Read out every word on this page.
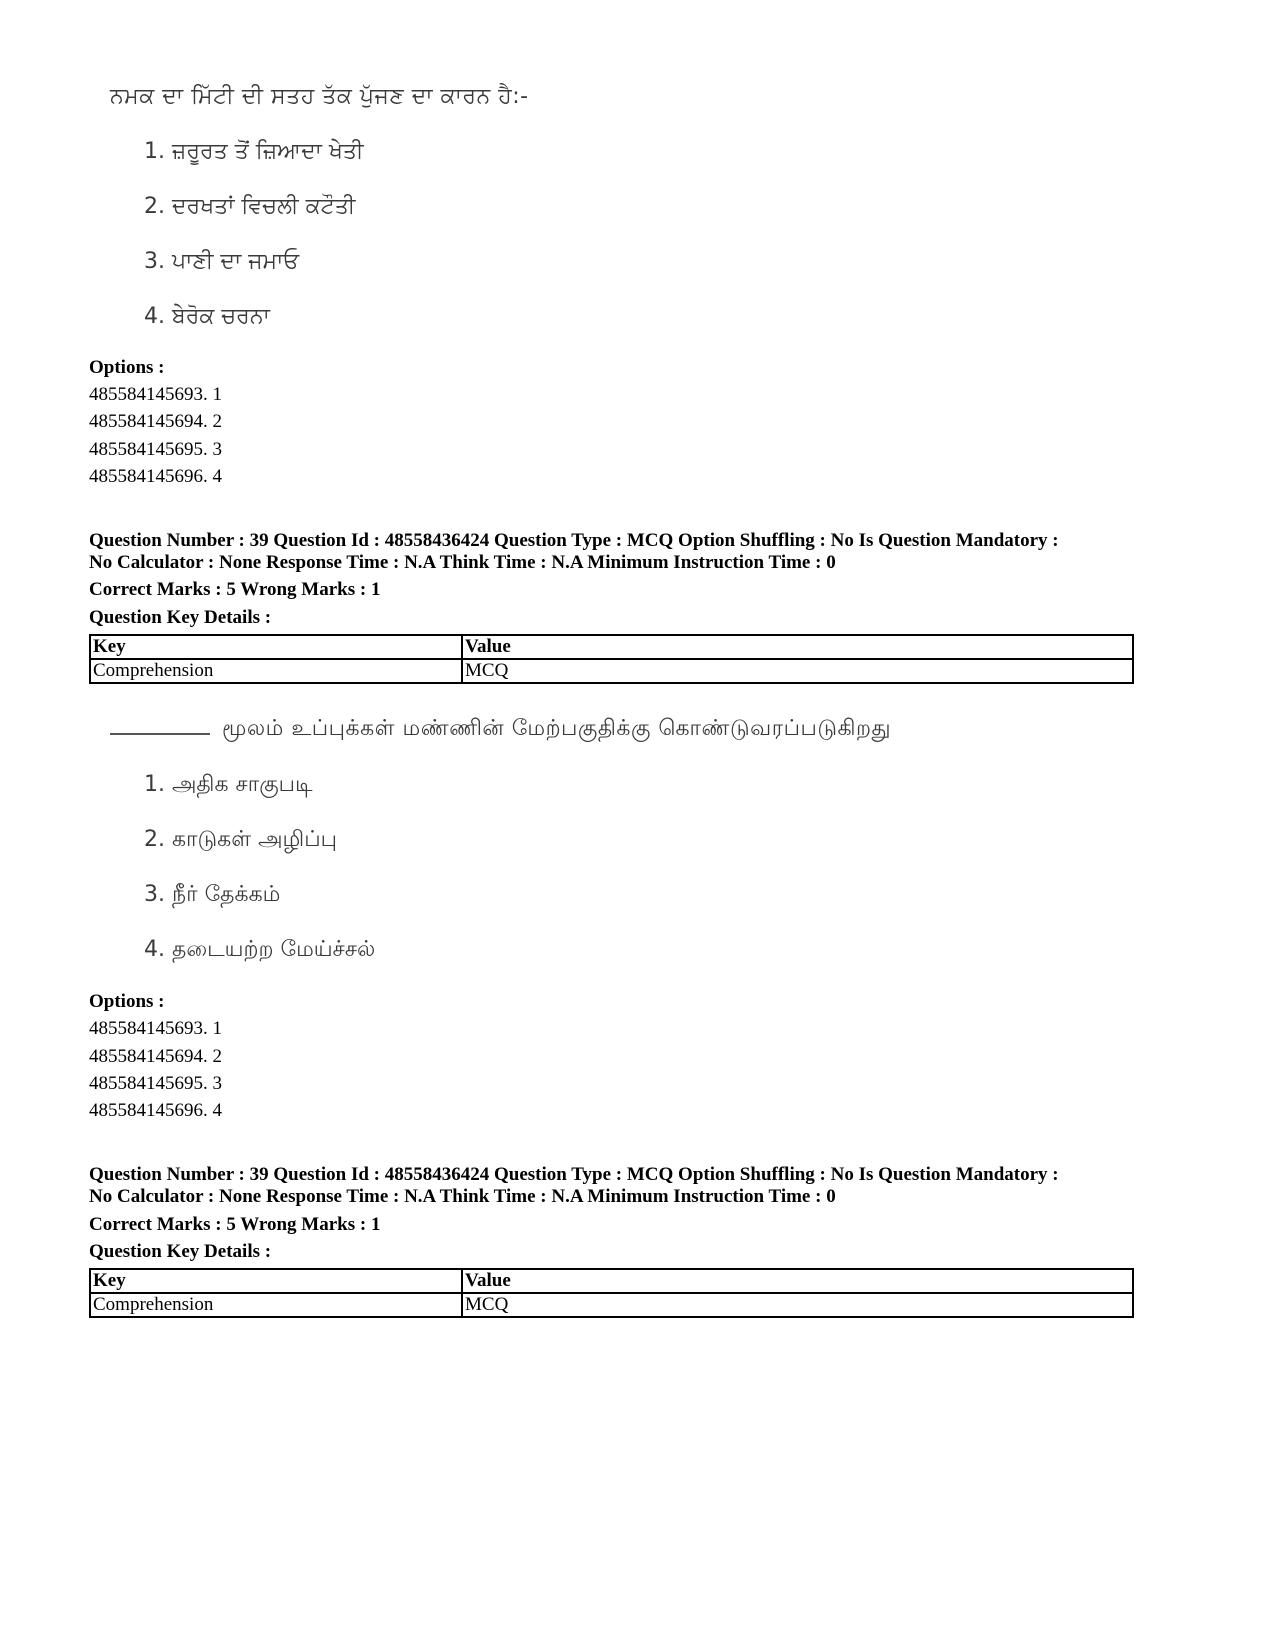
ਨਮਕ ਦਾ ਮਿੱਟੀ ਦੀ ਸਤਹ ਤੱਕ ਪੁੱਜਣ ਦਾ ਕਾਰਨ ਹੈ:-
1. ਜ਼ਰੂਰਤ ਤੋਂ ਜ਼ਿਆਦਾ ਖੇਤੀ
2. ਦਰਖਤਾਂ ਵਿਚਲੀ ਕਟੌਤੀ
3. ਪਾਣੀ ਦਾ ਜਮਾਓ
4. ਬੇਰੋਕ ਚਰਨਾ
Options :
485584145693. 1
485584145694. 2
485584145695. 3
485584145696. 4
Question Number : 39 Question Id : 48558436424 Question Type : MCQ Option Shuffling : No Is Question Mandatory :
No Calculator : None Response Time : N.A Think Time : N.A Minimum Instruction Time : 0
Correct Marks : 5 Wrong Marks : 1
Question Key Details :
Key	Value
Comprehension	MCQ
மூலம் உப்புக்கள் மண்ணின் மேற்பகுதிக்கு கொண்டுவரப்படுகிறது
1. அதிக சாகுபடி
2. காடுகள் அழிப்பு
3. நீர் தேக்கம்
4. தடையற்ற மேய்ச்சல்
Options :
485584145693. 1
485584145694. 2
485584145695. 3
485584145696. 4
Question Number : 39 Question Id : 48558436424 Question Type : MCQ Option Shuffling : No Is Question Mandatory :
No Calculator : None Response Time : N.A Think Time : N.A Minimum Instruction Time : 0
Correct Marks : 5 Wrong Marks : 1
Question Key Details :
Key	Value
Comprehension	MCQ
